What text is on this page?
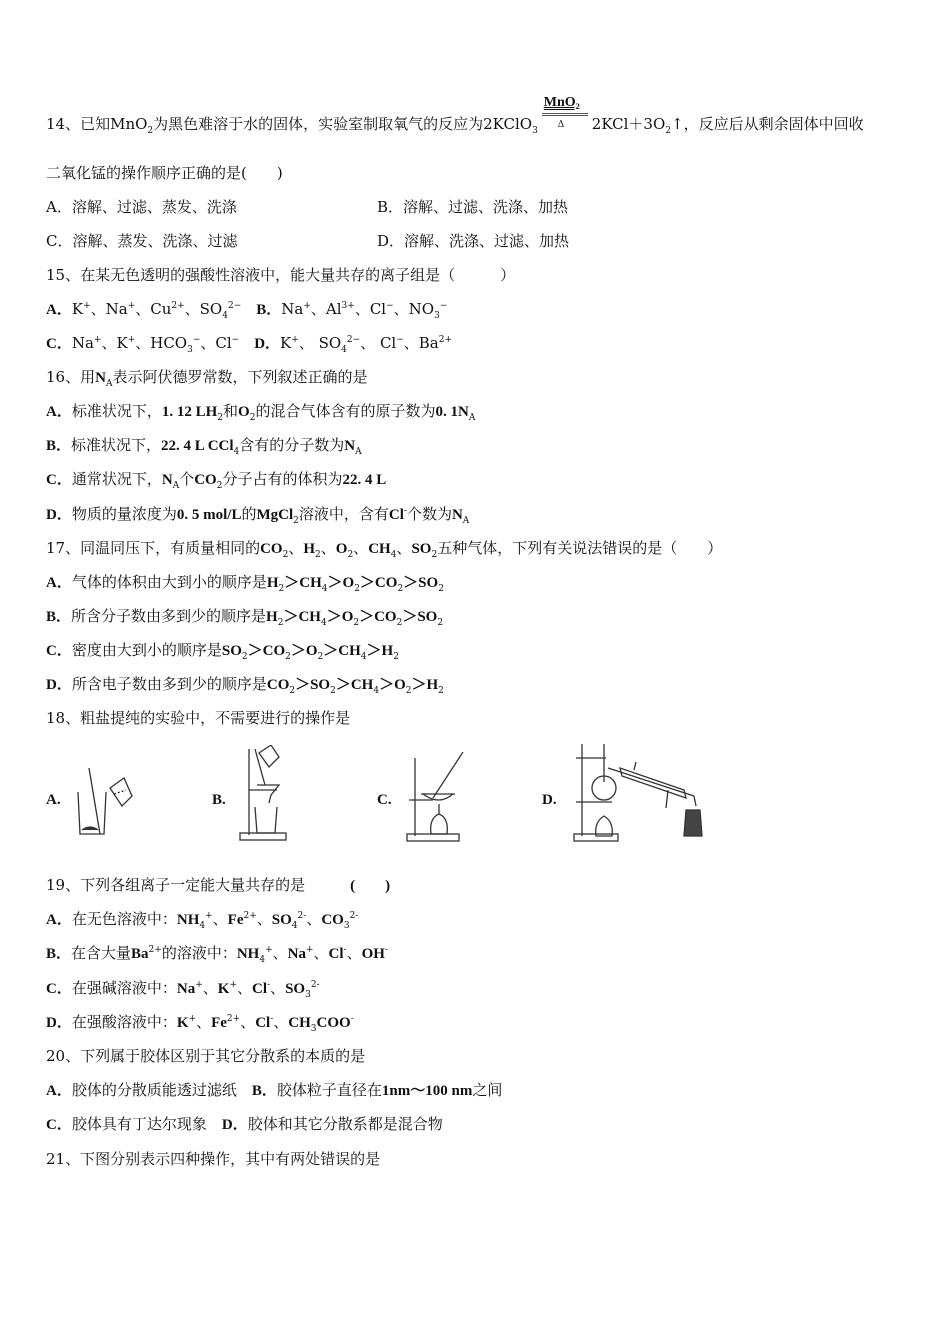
14、已知MnO$_2$为黑色难溶于水的固体，实验室制取氧气的反应为2KClO$_3$
MnO₂
Δ $2KCl+3O_2↑$，反应后从剩余固体中回收
二氧化锰的操作顺序正确的是(　　)
A．溶解、过滤、蒸发、洗涤	B．溶解、过滤、洗涤、加热
C．溶解、蒸发、洗涤、过滤	D．溶解、洗涤、过滤、加热
15、在某无色透明的强酸性溶液中，能大量共存的离子组是（　　　）
A．K+、Na+、$Cu^{2+}$、$SO_4^{2-}$　B．Na+、$Al^{3+}$、Cl−、$NO_3^-$
C．Na+、K+、$HCO_3^-$、Cl−　D．K+、 $SO_4^{2-}$、 Cl−、$Ba^{2+}$
16、用$N_A$表示阿伏德罗常数，下列叙述正确的是
A．标准状况下，1. 12 $LH_2$和$O_2$的混合气体含有的原子数为0. $1N_A$
B．标准状况下，22. 4 L CCl$_4$含有的分子数为$N_A$
C．通常状况下，$N_A$个$CO_2$分子占有的体积为22. 4 L
D．物质的量浓度为0. 5 mol/L的MgCl$_2$溶液中，含有Cl-个数为$N_A$
17、同温同压下，有质量相同的$CO_2$、$H_2$、$O_2$、$CH_4$、$SO_2$五种气体，下列有关说法错误的是（　　）
A．气体的体积由大到小的顺序是$H_2>CH_4>O_2>CO_2>SO_2$
B．所含分子数由多到少的顺序是$H_2>CH_4>O_2>CO_2>SO_2$
C．密度由大到小的顺序是$SO_2>CO_2>O_2>CH_4>H_2$
D．所含电子数由多到少的顺序是$CO_2>SO_2>CH_4>O_2>H_2$
18、粗盐提纯的实验中，不需要进行的操作是
19、下列各组离子一定能大量共存的是　　　(　　)
A．在无色溶液中：$NH_4^+$、$Fe^{2+}$、$SO_4^{2-}$、$CO_3^{2-}$
B．在含大量$Ba^{2+}$的溶液中：$NH_4^+$、Na+、Cl-、OH-
C．在强碱溶液中：Na+、K+、Cl-、$SO_3^{2-}$
D．在强酸溶液中：K+、$Fe^{2+}$、Cl-、$CH_3COO^-$
20、下列属于胶体区别于其它分散系的本质的是
A．胶体的分散质能透过滤纸　B．胶体粒子直径在1nm～100 nm之间
C．胶体具有丁达尔现象　D．胶体和其它分散系都是混合物
21、下图分别表示四种操作，其中有两处错误的是
A.	B.	C.	D.
